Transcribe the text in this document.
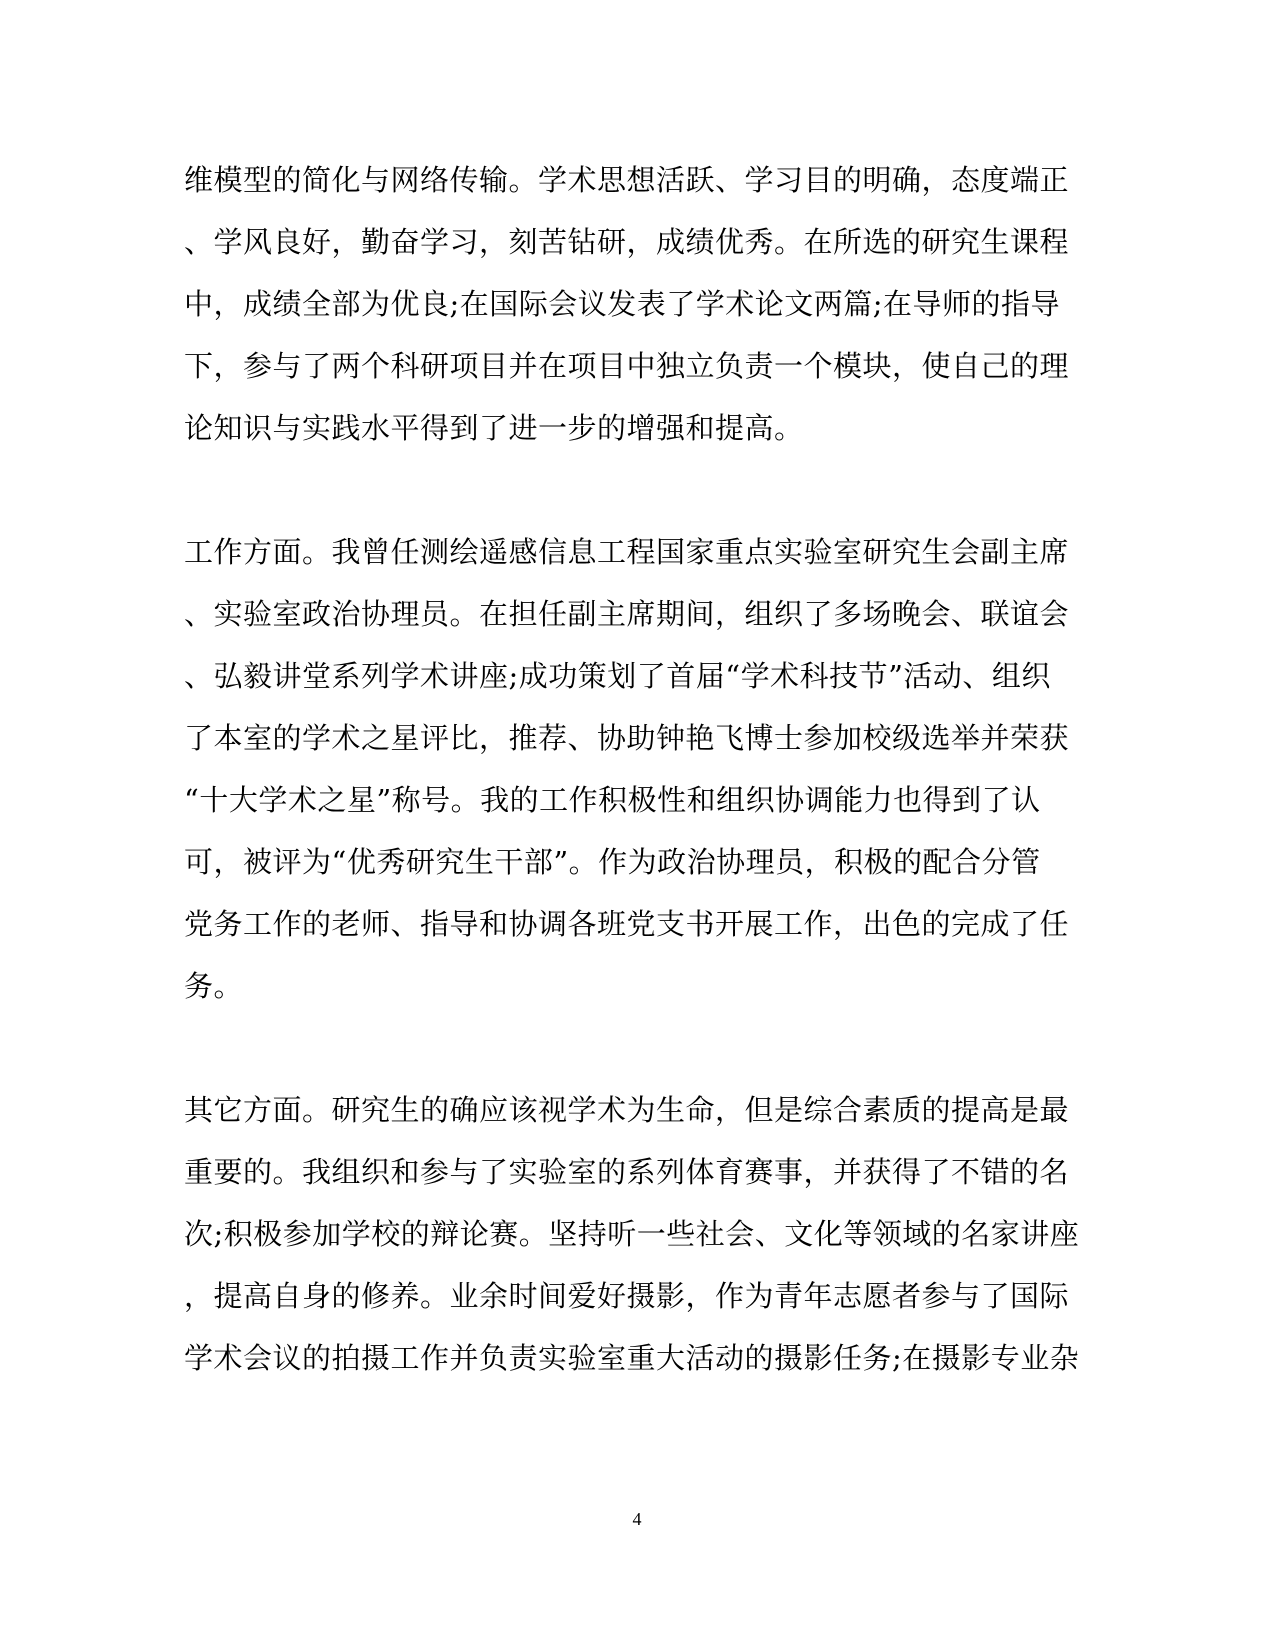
维模型的简化与网络传输。学术思想活跃、学习目的明确，态度端正
、学风良好，勤奋学习，刻苦钻研，成绩优秀。在所选的研究生课程
中，成绩全部为优良;在国际会议发表了学术论文两篇;在导师的指导
下，参与了两个科研项目并在项目中独立负责一个模块，使自己的理
论知识与实践水平得到了进一步的增强和提高。
工作方面。我曾任测绘遥感信息工程国家重点实验室研究生会副主席
、实验室政治协理员。在担任副主席期间，组织了多场晚会、联谊会
、弘毅讲堂系列学术讲座;成功策划了首届“学术科技节”活动、组织
了本室的学术之星评比，推荐、协助钟艳飞博士参加校级选举并荣获
“十大学术之星”称号。我的工作积极性和组织协调能力也得到了认
可，被评为“优秀研究生干部”。作为政治协理员，积极的配合分管
党务工作的老师、指导和协调各班党支书开展工作，出色的完成了任
务。
其它方面。研究生的确应该视学术为生命，但是综合素质的提高是最
重要的。我组织和参与了实验室的系列体育赛事，并获得了不错的名
次;积极参加学校的辩论赛。坚持听一些社会、文化等领域的名家讲座
，提高自身的修养。业余时间爱好摄影，作为青年志愿者参与了国际
学术会议的拍摄工作并负责实验室重大活动的摄影任务;在摄影专业杂
4
